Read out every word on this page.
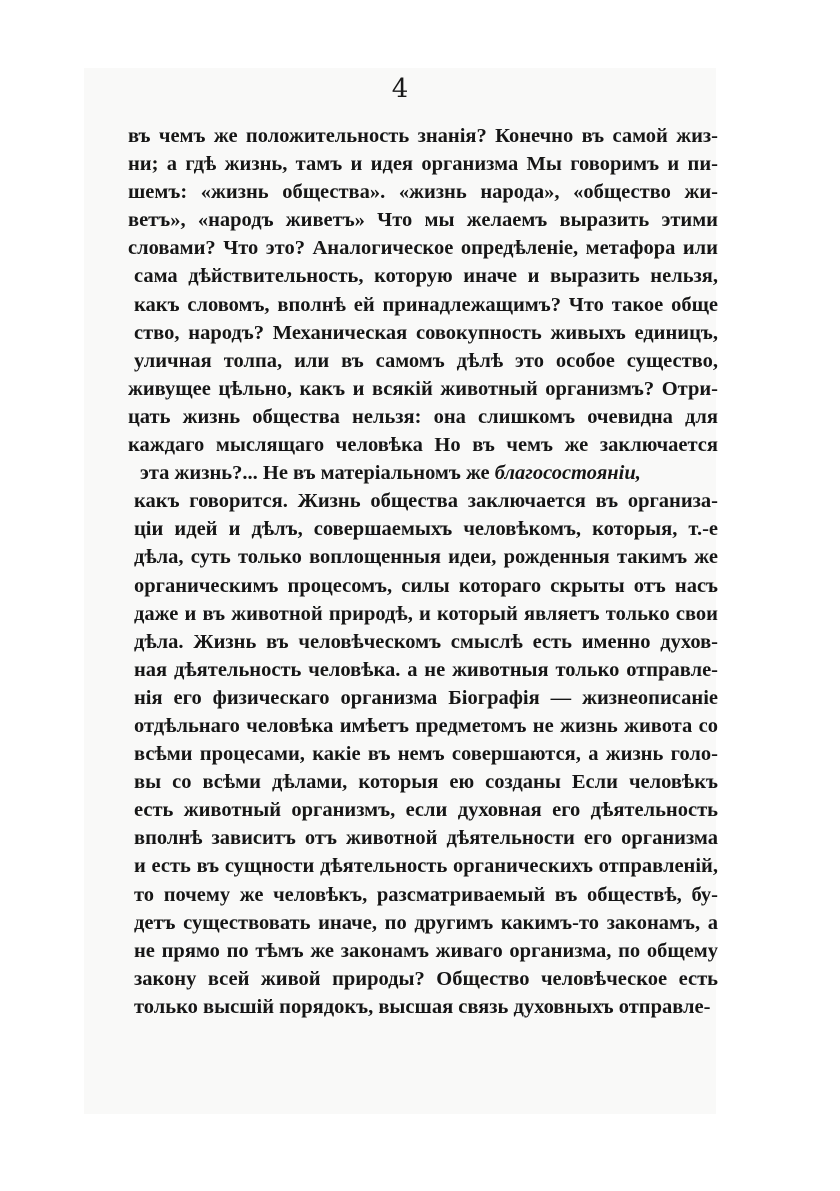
4
въ чемъ же положительность знанія? Конечно въ самой жиз-
ни; а гдѣ жизнь, тамъ и идея организма Мы говоримъ и пи-
шемъ: «жизнь общества». «жизнь народа», «общество жи-
ветъ», «народъ живетъ» Что мы желаемъ выразить этими
словами? Что это? Аналогическое опредѣленіе, метафора или
сама дѣйствительность, которую иначе и выразить нельзя,
какъ словомъ, вполнѣ ей принадлежащимъ? Что такое обще
ство, народъ? Механическая совокупность живыхъ единицъ,
уличная толпа, или въ самомъ дѣлѣ это особое существо,
живущее цѣльно, какъ и всякій животный организмъ? Отри-
цать жизнь общества нельзя: она слишкомъ очевидна для
каждаго мыслящаго человѣка Но въ чемъ же заключается
эта жизнь?... Не въ матеріальномъ же благосостояніи,
какъ говорится. Жизнь общества заключается въ организа-
ціи идей и дѣлъ, совершаемыхъ человѣкомъ, которыя, т.-е
дѣла, суть только воплощенныя идеи, рожденныя такимъ же
органическимъ процесомъ, силы котораго скрыты отъ насъ
даже и въ животной природѣ, и который являетъ только свои
дѣла. Жизнь въ человѣческомъ смыслѣ есть именно духов-
ная дѣятельность человѣка. а не животныя только отправле-
нія его физическаго организма Біографія — жизнеописаніе
отдѣльнаго человѣка имѣетъ предметомъ не жизнь живота со
всѣми процесами, какіе въ немъ совершаются, а жизнь голо-
вы со всѣми дѣлами, которыя ею созданы Если человѣкъ
есть животный организмъ, если духовная его дѣятельность
вполнѣ зависитъ отъ животной дѣятельности его организма
и есть въ сущности дѣятельность органическихъ отправленій,
то почему же человѣкъ, разсматриваемый въ обществѣ, бу-
детъ существовать иначе, по другимъ какимъ-то законамъ, а
не прямо по тѣмъ же законамъ живаго организма, по общему
закону всей живой природы? Общество человѣческое есть
только высшій порядокъ, высшая связь духовныхъ отправле-
